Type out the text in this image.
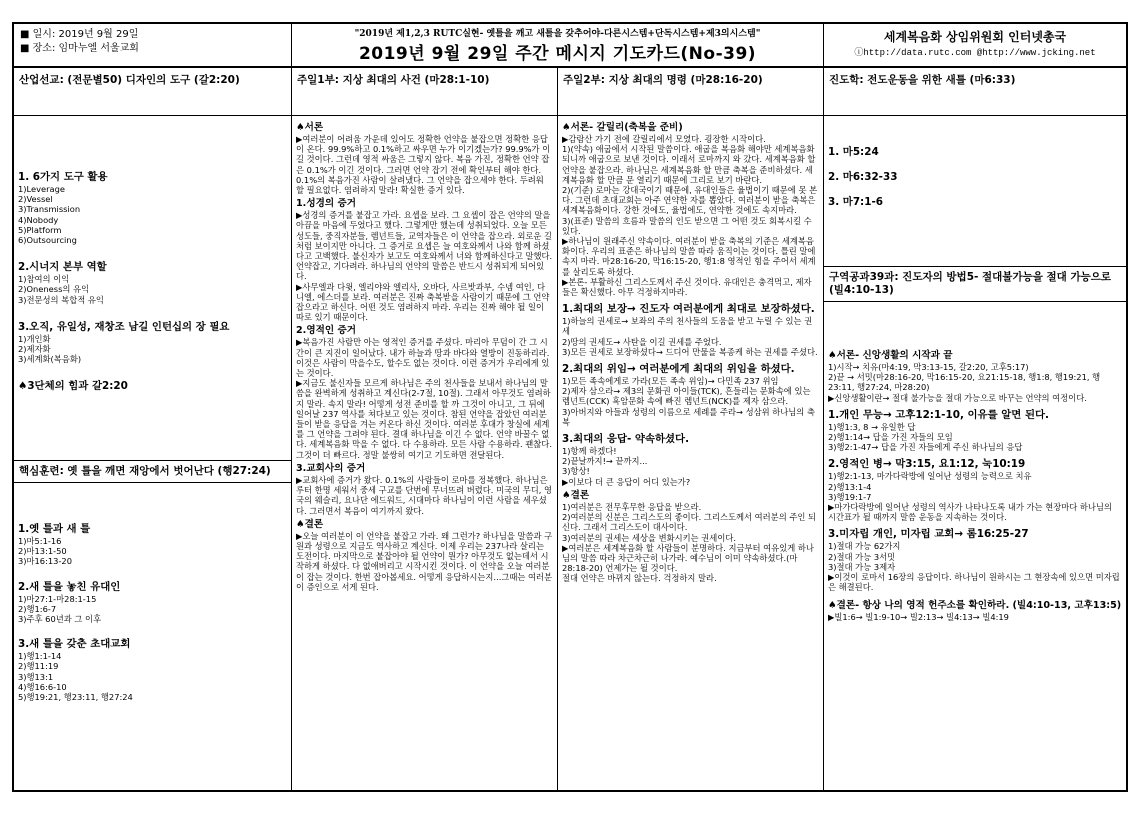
■ 일시: 2019년 9월 29일
■ 장소: 임마누엘 서울교회
"2019년 제1,2,3 RUTC실현- 옛틀을 깨고 새틀을 갖추어야-다른시스템+단독시스템+제3의시스템"
2019년 9월 29일 주간 메시지 기도카드(No-39)
세계복음화 상임위원회 인터넷총국
ⓘhttp://data.rutc.com @http://www.jcking.net
산업선교: (전문별50) 디자인의 도구 (갈2:20)
1. 6가지 도구 활용
1)Leverage
2)Vessel
3)Transmission
4)Nobody
5)Platform
6)Outsourcing
2.시너지 본부 역할
1)참여의 이익
2)Oneness의 유익
3)전문성의 복합적 유익
3.오직, 유일성, 재창조 남길 인턴십의 장 필요
1)개인화
2)제자화
3)세계화(복음화)
♠3단체의 힘과 갈2:20
핵심훈련: 옛 틀을 깨면 재앙에서 벗어난다 (행27:24)
1.옛 틀과 새 틀
1)마5:1-16
2)마13:1-50
3)마16:13-20
2.새 틀을 놓친 유대인
1)마27:1-마28:1-15
2)행1:6-7
3)주후 60년과 그 이후
3.새 틀을 갖춘 초대교회
1)행1:1-14
2)행11:19
3)행13:1
4)행16:6-10
5)행19:21, 행23:11, 행27:24
주일1부: 지상 최대의 사건 (마28:1-10)
♠서론
▶여러분이 어려움 가운데 있어도 정확한 언약을 붙잡으면 정확한 응답이 온다. 99.9%하고 0.1%하고 싸우면 누가 이기겠는가? 99.9%가 이길 것이다. 그런데 영적 싸움은 그렇지 않다. 복음 가진, 정확한 언약 잡은 0.1%가 이긴 것이다. 그러면 언약 잡기 전에 확인부터 해야 한다. 0.1%의 복음가진 사람이 살려냈다. 그 언약을 잡으세야 한다. 두려워 할 필요없다. 염려하지 말라! 확실한 증거 있다.
1.성경의 증거
▶성경의 증거를 붙잡고 가라. 요셉을 보라. 그 요셉이 잡은 언약의 말을 아끕을 마음에 두었다고 했다. 그렇게만 했는데 성취되었다. 오늘 모든 성도들, 중직자분들, 렘넌트들, 교역자들은 이 언약을 잡으라. 외로운 길처럼 보이지만 아니다. 그 증거로 요셉은 늘 여호와께서 나와 함께 하셨다고 고백했다. 불신자가 보고도 여호와께서 너와 함께하신다고 말했다. 언약잡고, 기다려라. 하나님의 언약의 말씀은 반드시 성취되게 되어있다.
▶사무엘과 다윗, 엘리야와 엘리사, 오바다, 사르밧과부, 수넴 여인, 다니엘, 에스더를 보라. 여러분은 진짜 축복받을 사람이기 때문에 그 언약 잡으라고 하신다. 어떤 것도 염려하지 마라. 우리는 진짜 해야 될 일이 따로 있기 때문이다.
2.영적인 증거
▶복음가진 사람만 아는 영적인 증거를 주셨다. 마리아 무덤이 간 그 시간이 큰 지진이 일어났다. 내가 하늘과 땅과 바다와 열방이 진동하리라. 이것은 사람이 막을수도, 할수도 없는 것이다. 이런 증거가 우리에게 있는 것이다.
▶지금도 불신자들 모르게 하나님은 주의 천사들을 보내서 하나님의 말씀을 완벽하게 성취하고 계신다(2-7절, 10절). 그래서 아무것도 염려하지 말라. 속지 말라! 어떻게 성전 준비를 할 까 그것이 아니고, 그 뒤에 일어날 237 역사를 쳐다보고 있는 것이다. 참된 언약을 잡았던 여러분들이 받을 응답을 겨는 커온다 하신 것이다. 여러분 후대가 창실에 세계를 그 언약을 그려야 된다. 결대 하나님을 이긴 수 없다. 언약 바꿀수 없다. 세계복음화 막을 수 없다. 다 수용하라. 모든 사람 수용하라. 괜찮다. 그것이 더 빠르다. 정말 불쌍히 여기고 기도하면 전달된다.
3.교회사의 증거
▶교회사에 증거가 왔다. 0.1%의 사람들이 로마를 정복했다. 하나님은 루터 한명 세워서 중세 구교를 단번에 무너뜨려 버렸다. 미국의 무디, 영국의 웨슬리, 요나단 에드워드, 시대마다 하나님이 이런 사람을 세우셨다. 그러면서 복음이 여기까지 왔다.
♠결론
▶오늘 여러분이 이 언약을 붙잡고 가라. 왜 그런가? 하나님을 말씀과 구원과 성령으로 지금도 역사하고 계신다. 이제 우리는 237나라 살리는 도전이다. 마지막으로 붙잡아야 될 언약이 뭔가? 아무것도 없는데서 시작하게 하셨다. 다 없애버리고 시작시킨 것이다. 이 언약을 오늘 여러분이 잡는 것이다. 한번 잡아봅세요. 어떻게 응답하시는지...그때는 여러분이 증인으로 서게 된다.
주일2부: 지상 최대의 명령 (마28:16-20)
♠서론- 갈릴리(축복을 준비)
▶감람산 가기 전에 갈릴리에서 모였다. 굉장한 시작이다.
1)(약속) 애굽에서 시작된 말씀이다. 애굽을 복음화 해야만 세계복음화 되니까 애굽으로 보낸 것이다. 이래서 로마까지 와 갔다. 세계복음화 할 언약을 붙잡으라. 하나님은 세계복음화 할 만큼 축복을 준비하셨다. 세계복음화 할 만큼 문 열리기 때문에 그리로 보기 바란다.
2)(기준) 로마는 강대국이기 때문에, 유대인들은 율법이기 때문에 못 본다. 그런데 초대교회는 아주 연약한 자를 뽑았다. 여러분이 받을 축복은 세계복음화이다. 강한 것에도, 율법에도, 연약한 것에도 속지마라.
3)(표준) 말씀의 흐름과 말씀의 인도 받으면 그 어떤 것도 회복시킬 수 있다.
▶하나님이 원래주신 약속이다. 여러분이 받을 축복의 기준은 세계복음화이다. 우리의 표준은 하나님의 말씀 따라 움직이는 것이다. 틀린 말에 속지 마라. 마28:16-20, 막16:15-20, 행1:8 영적인 힘을 주어서 세계를 살리도록 하셨다.
▶본론- 부활하신 그리스도께서 주신 것이다. 유대인은 충격먹고, 제자들은 확신했다. 아무 걱정하지마라.
1.최대의 보장→ 진도자 여러분에게 최대로 보장하셨다.
1)하늘의 권세로→ 보좌의 주의 천사들의 도움을 받고 누릴 수 있는 권세
2)땅의 권세도→ 사탄을 이길 권세를 주었다.
3)모든 권세로 보장하셨다→ 드디어 만물을 복종케 하는 권세를 주셨다.
2.최대의 위임→ 여러분에게 최대의 위임을 하셨다.
1)모든 족속에게로 가라(모든 족속 위임)→ 다민족 237 위임
2)제자 삼으라→ 제3의 문화권 아이들(TCK), 흔들리는 문화속에 있는 렘넌트(CCK) 혹암문화 속에 빠진 렘넌트(NCK)를 제자 삼으라.
3)아버지와 아들과 성령의 이름으로 세례를 주라→ 성삼위 하나님의 축복
3.최대의 응답- 약속하셨다.
1)항께 하겠다!
2)끝날까지!→ 끝까지...
3)항상!
▶이보다 더 큰 응답이 어디 있는가?
♠결론
1)여러분은 전무후무한 응답을 받으라.
2)여러분의 신분은 그리스도의 좋이다. 그리스도께서 여러분의 주인 되신다. 그래서 그리스도이 대사이다.
3)여러분의 권세는 세상을 변화시키는 권세이다.
▶여러분은 세계복음화 할 사람들이 분명하다. 지금부터 여유있게 하나님의 말씀 따라 차근차근히 나가라. 예수님이 이미 약속하셨다.(마28:18-20) 언제가는 될 것이다.
절대 언약은 바뀌지 않는다. 걱정하지 말라.
진도학: 전도운동을 위한 새틀 (마6:33)
1. 마5:24
2. 마6:32-33
3. 마7:1-6
구역공과39과: 진도자의 방법5- 절대불가능을 절대 가능으로 (빌4:10-13)
♠서론- 신앙생활의 시작과 끝
1)시작→ 치유(마4:19, 막3:13-15, 갈2:20, 고후5:17)
2)끝 → 서밋(마28:16-20, 막16:15-20, 요21:15-18, 행1:8, 행19:21, 행23:11, 행27:24, 마28:20)
▶신앙생활이란→ 절대 불가능을 절대 가능으로 바꾸는 언약의 여정이다.
1.개인 무능→ 고후12:1-10, 이유를 알면 된다.
1)행1:3, 8 → 유일한 답
2)행1:14→ 답을 가진 자들의 모임
3)행2:1-47→ 답을 가진 자들에게 주신 하나님의 응답
2.영적인 병→ 막3:15, 요1:12, 눅10:19
1)행2:1-13, 마가다락방에 일어난 성령의 능력으로 치유
2)행13:1-4
3)행19:1-7
▶마가다락방에 일어난 성령의 역사가 나타나도록 내가 가는 현장마다 하나님의 시간표가 될 때까지 말씀 운동을 지속하는 것이다.
3.미자립 개인, 미자립 교회→ 롬16:25-27
1)절대 가능 62가지
2)절대 가능 3서밋
3)절대 가능 3제자
▶이것이 로마서 16장의 응답이다. 하나님이 원하시는 그 현장속에 있으면 미자립은 해결된다.
♠결론- 항상 나의 영적 헌주소를 확인하라. (빌4:10-13, 고후13:5)
▶빌1:6→ 빌1:9-10→ 빌2:13→ 빌4:13→ 빌4:19
